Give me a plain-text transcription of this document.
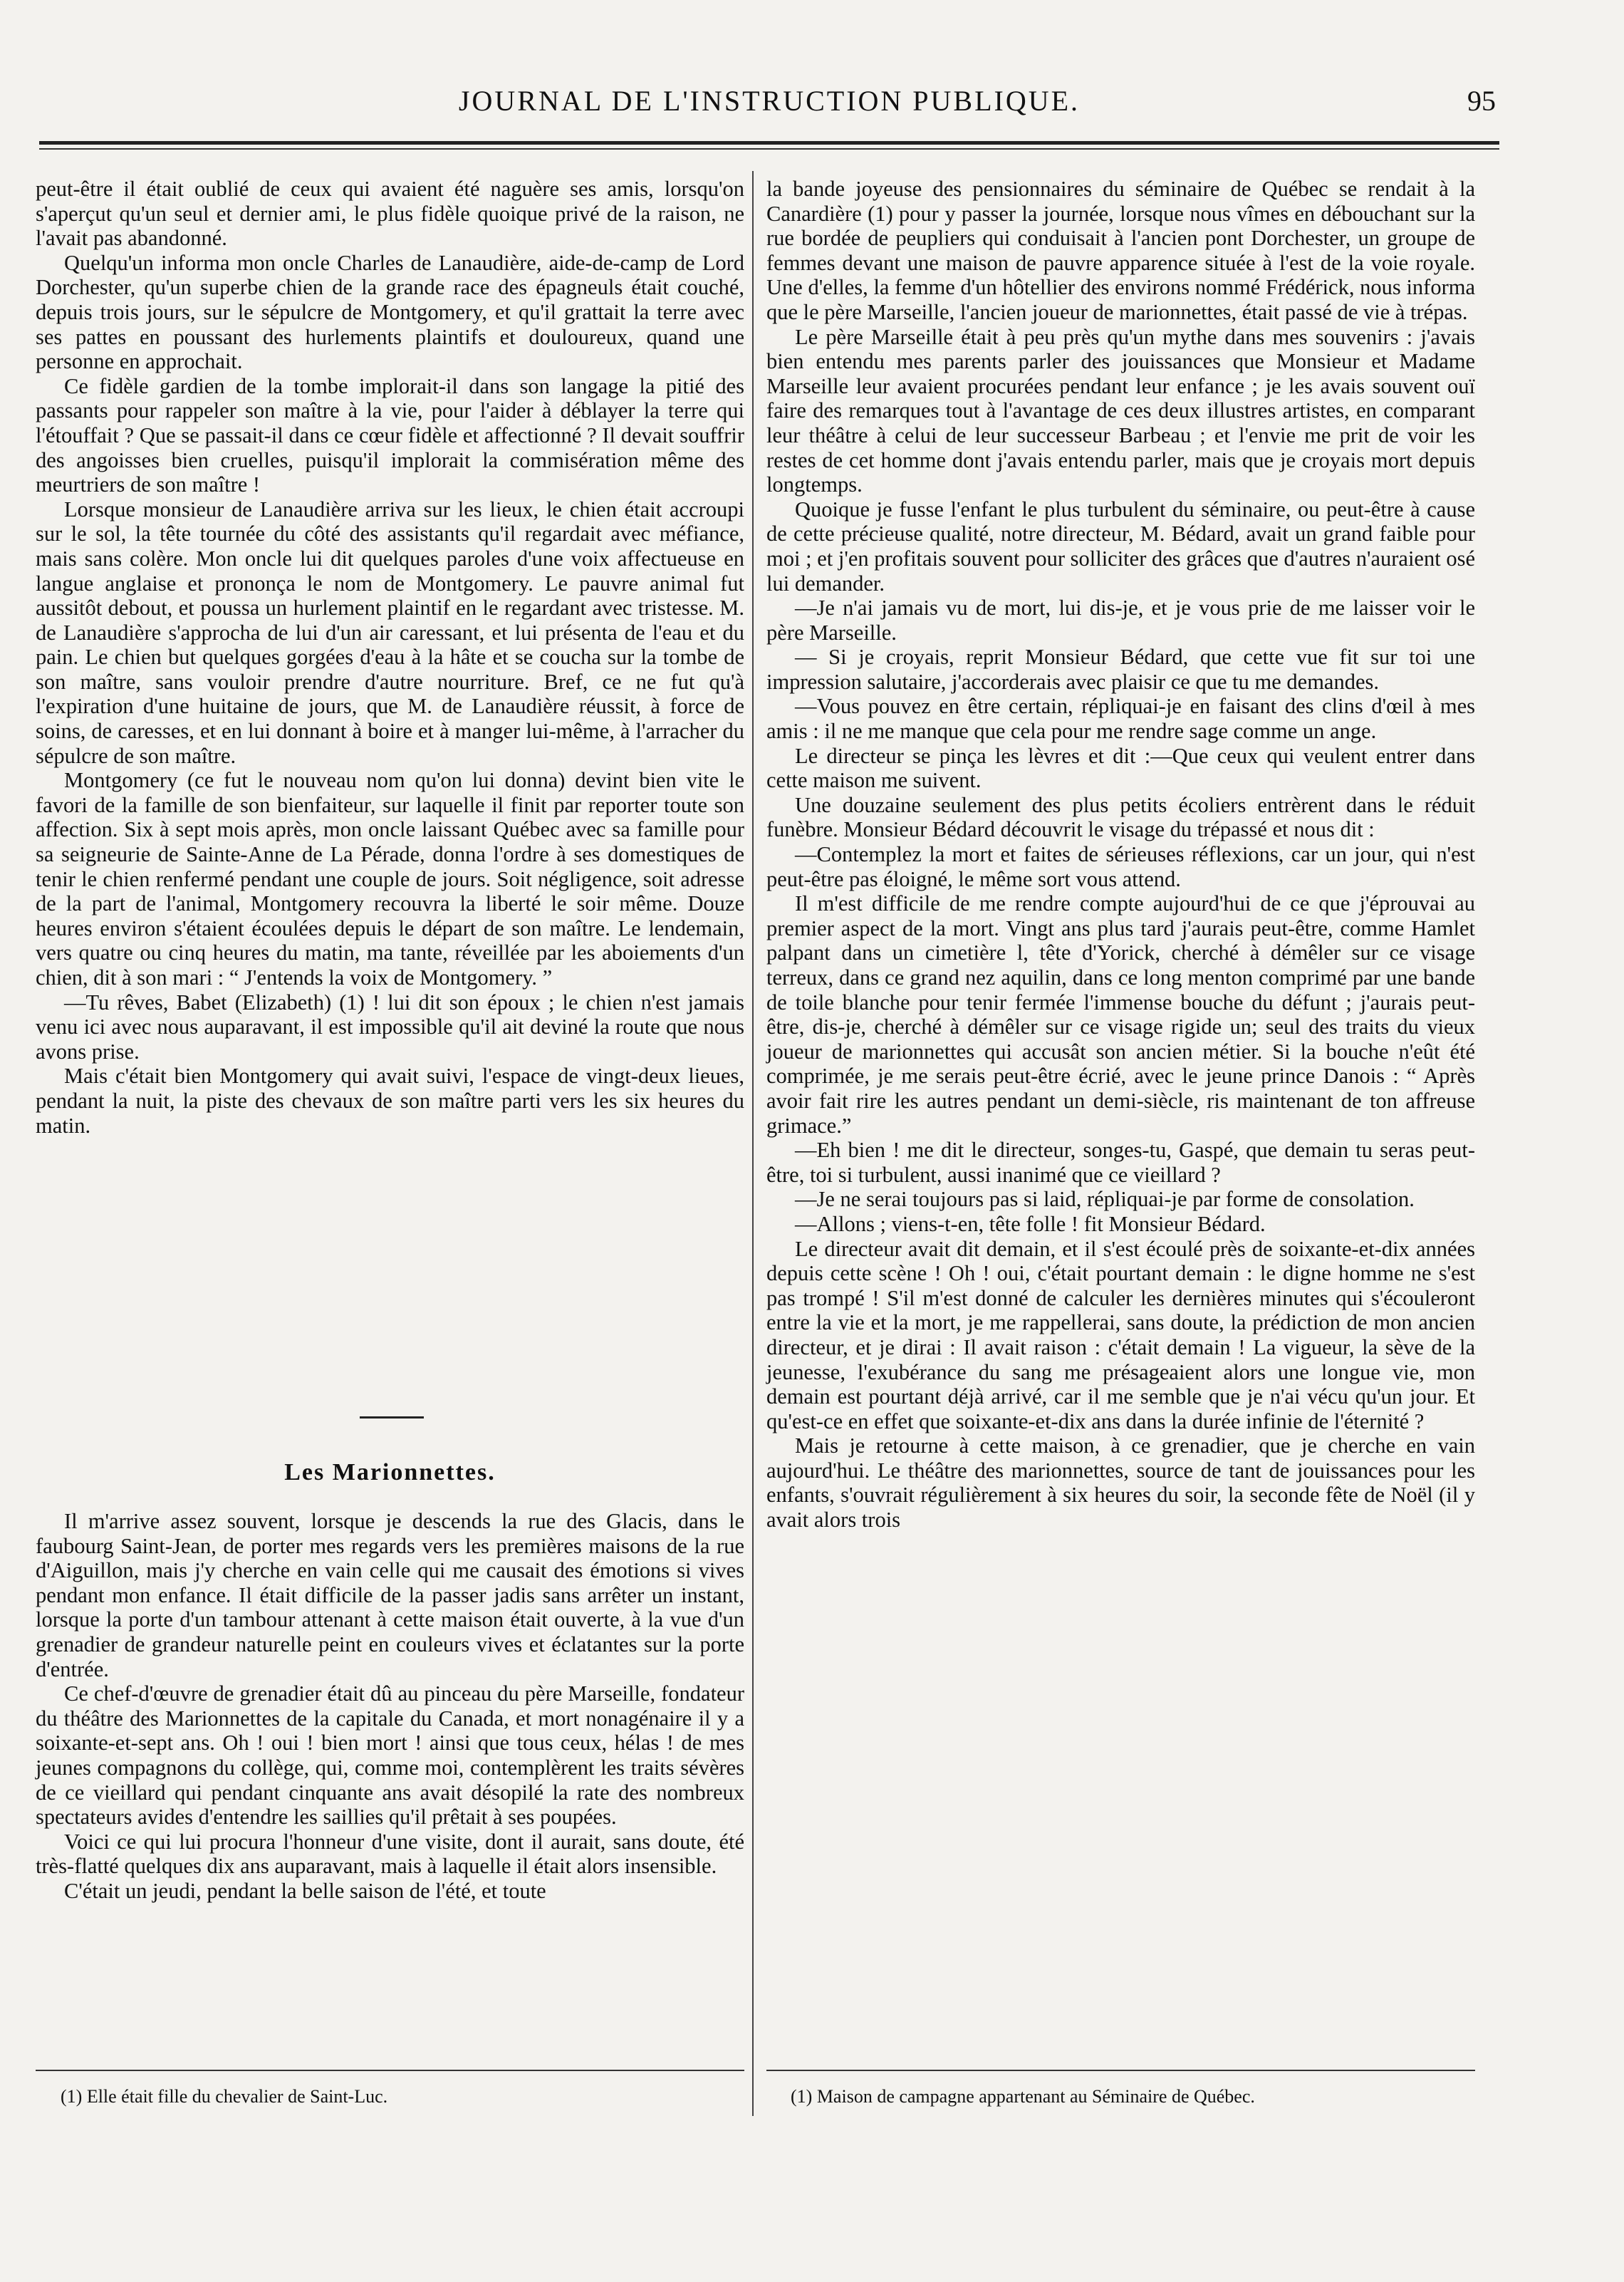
JOURNAL DE L'INSTRUCTION PUBLIQUE.	95

peut-être il était oublié de ceux qui avaient été naguère ses amis, lorsqu'on s'aperçut qu'un seul et dernier ami, le plus fidèle quoique privé de la raison, ne l'avait pas abandonné.

Quelqu'un informa mon oncle Charles de Lanaudière, aide-de-camp de Lord Dorchester, qu'un superbe chien de la grande race des épagneuls était couché, depuis trois jours, sur le sépulcre de Montgomery, et qu'il grattait la terre avec ses pattes en poussant des hurlements plaintifs et douloureux, quand une personne en approchait.

Ce fidèle gardien de la tombe implorait-il dans son langage la pitié des passants pour rappeler son maître à la vie, pour l'aider à déblayer la terre qui l'étouffait ? Que se passait-il dans ce cœur fidèle et affectionné ? Il devait souffrir des angoisses bien cruelles, puisqu'il implorait la commisération même des meurtriers de son maître !

Lorsque monsieur de Lanaudière arriva sur les lieux, le chien était accroupi sur le sol, la tête tournée du côté des assistants qu'il regardait avec méfiance, mais sans colère. Mon oncle lui dit quelques paroles d'une voix affectueuse en langue anglaise et prononça le nom de Montgomery. Le pauvre animal fut aussitôt debout, et poussa un hurlement plaintif en le regardant avec tristesse. M. de Lanaudière s'approcha de lui d'un air caressant, et lui présenta de l'eau et du pain. Le chien but quelques gorgées d'eau à la hâte et se coucha sur la tombe de son maître, sans vouloir prendre d'autre nourriture. Bref, ce ne fut qu'à l'expiration d'une huitaine de jours, que M. de Lanaudière réussit, à force de soins, de caresses, et en lui donnant à boire et à manger lui-même, à l'arracher du sépulcre de son maître.

Montgomery (ce fut le nouveau nom qu'on lui donna) devint bien vite le favori de la famille de son bienfaiteur, sur laquelle il finit par reporter toute son affection. Six à sept mois après, mon oncle laissant Québec avec sa famille pour sa seigneurie de Sainte-Anne de La Pérade, donna l'ordre à ses domestiques de tenir le chien renfermé pendant une couple de jours. Soit négligence, soit adresse de la part de l'animal, Montgomery recouvra la liberté le soir même. Douze heures environ s'étaient écoulées depuis le départ de son maître. Le lendemain, vers quatre ou cinq heures du matin, ma tante, réveillée par les aboiements d'un chien, dit à son mari : “ J'entends la voix de Montgomery. ”

—Tu rêves, Babet (Elizabeth) (1) ! lui dit son époux ; le chien n'est jamais venu ici avec nous auparavant, il est impossible qu'il ait deviné la route que nous avons prise.

Mais c'était bien Montgomery qui avait suivi, l'espace de vingt-deux lieues, pendant la nuit, la piste des chevaux de son maître parti vers les six heures du matin.

Les Marionnettes.

Il m'arrive assez souvent, lorsque je descends la rue des Glacis, dans le faubourg Saint-Jean, de porter mes regards vers les premières maisons de la rue d'Aiguillon, mais j'y cherche en vain celle qui me causait des émotions si vives pendant mon enfance. Il était difficile de la passer jadis sans arrêter un instant, lorsque la porte d'un tambour attenant à cette maison était ouverte, à la vue d'un grenadier de grandeur naturelle peint en couleurs vives et éclatantes sur la porte d'entrée.

Ce chef-d'œuvre de grenadier était dû au pinceau du père Marseille, fondateur du théâtre des Marionnettes de la capitale du Canada, et mort nonagénaire il y a soixante-et-sept ans. Oh ! oui ! bien mort ! ainsi que tous ceux, hélas ! de mes jeunes compagnons du collège, qui, comme moi, contemplèrent les traits sévères de ce vieillard qui pendant cinquante ans avait désopilé la rate des nombreux spectateurs avides d'entendre les saillies qu'il prêtait à ses poupées.

Voici ce qui lui procura l'honneur d'une visite, dont il aurait, sans doute, été très-flatté quelques dix ans auparavant, mais à laquelle il était alors insensible.

C'était un jeudi, pendant la belle saison de l'été, et toute

la bande joyeuse des pensionnaires du séminaire de Québec se rendait à la Canardière (1) pour y passer la journée, lorsque nous vîmes en débouchant sur la rue bordée de peupliers qui conduisait à l'ancien pont Dorchester, un groupe de femmes devant une maison de pauvre apparence située à l'est de la voie royale. Une d'elles, la femme d'un hôtellier des environs nommé Frédérick, nous informa que le père Marseille, l'ancien joueur de marionnettes, était passé de vie à trépas.

Le père Marseille était à peu près qu'un mythe dans mes souvenirs : j'avais bien entendu mes parents parler des jouissances que Monsieur et Madame Marseille leur avaient procurées pendant leur enfance ; je les avais souvent ouï faire des remarques tout à l'avantage de ces deux illustres artistes, en comparant leur théâtre à celui de leur successeur Barbeau ; et l'envie me prit de voir les restes de cet homme dont j'avais entendu parler, mais que je croyais mort depuis longtemps.

Quoique je fusse l'enfant le plus turbulent du séminaire, ou peut-être à cause de cette précieuse qualité, notre directeur, M. Bédard, avait un grand faible pour moi ; et j'en profitais souvent pour solliciter des grâces que d'autres n'auraient osé lui demander.

—Je n'ai jamais vu de mort, lui dis-je, et je vous prie de me laisser voir le père Marseille.

— Si je croyais, reprit Monsieur Bédard, que cette vue fit sur toi une impression salutaire, j'accorderais avec plaisir ce que tu me demandes.

—Vous pouvez en être certain, répliquai-je en faisant des clins d'œil à mes amis : il ne me manque que cela pour me rendre sage comme un ange.

Le directeur se pinça les lèvres et dit :—Que ceux qui veulent entrer dans cette maison me suivent.

Une douzaine seulement des plus petits écoliers entrèrent dans le réduit funèbre. Monsieur Bédard découvrit le visage du trépassé et nous dit :

—Contemplez la mort et faites de sérieuses réflexions, car un jour, qui n'est peut-être pas éloigné, le même sort vous attend.

Il m'est difficile de me rendre compte aujourd'hui de ce que j'éprouvai au premier aspect de la mort. Vingt ans plus tard j'aurais peut-être, comme Hamlet palpant dans un cimetière l, tête d'Yorick, cherché à démêler sur ce visage terreux, dans ce grand nez aquilin, dans ce long menton comprimé par une bande de toile blanche pour tenir fermée l'immense bouche du défunt ; j'aurais peut-être, dis-je, cherché à démêler sur ce visage rigide un; seul des traits du vieux joueur de marionnettes qui accusât son ancien métier. Si la bouche n'eût été comprimée, je me serais peut-être écrié, avec le jeune prince Danois : “ Après avoir fait rire les autres pendant un demi-siècle, ris maintenant de ton affreuse grimace.”

—Eh bien ! me dit le directeur, songes-tu, Gaspé, que demain tu seras peut-être, toi si turbulent, aussi inanimé que ce vieillard ?

—Je ne serai toujours pas si laid, répliquai-je par forme de consolation.

—Allons ; viens-t-en, tête folle ! fit Monsieur Bédard.

Le directeur avait dit demain, et il s'est écoulé près de soixante-et-dix années depuis cette scène ! Oh ! oui, c'était pourtant demain : le digne homme ne s'est pas trompé ! S'il m'est donné de calculer les dernières minutes qui s'écouleront entre la vie et la mort, je me rappellerai, sans doute, la prédiction de mon ancien directeur, et je dirai : Il avait raison : c'était demain ! La vigueur, la sève de la jeunesse, l'exubérance du sang me présageaient alors une longue vie, mon demain est pourtant déjà arrivé, car il me semble que je n'ai vécu qu'un jour. Et qu'est-ce en effet que soixante-et-dix ans dans la durée infinie de l'éternité ?

Mais je retourne à cette maison, à ce grenadier, que je cherche en vain aujourd'hui. Le théâtre des marionnettes, source de tant de jouissances pour les enfants, s'ouvrait régulièrement à six heures du soir, la seconde fête de Noël (il y avait alors trois

(1) Elle était fille du chevalier de Saint-Luc.	(1) Maison de campagne appartenant au Séminaire de Québec.
